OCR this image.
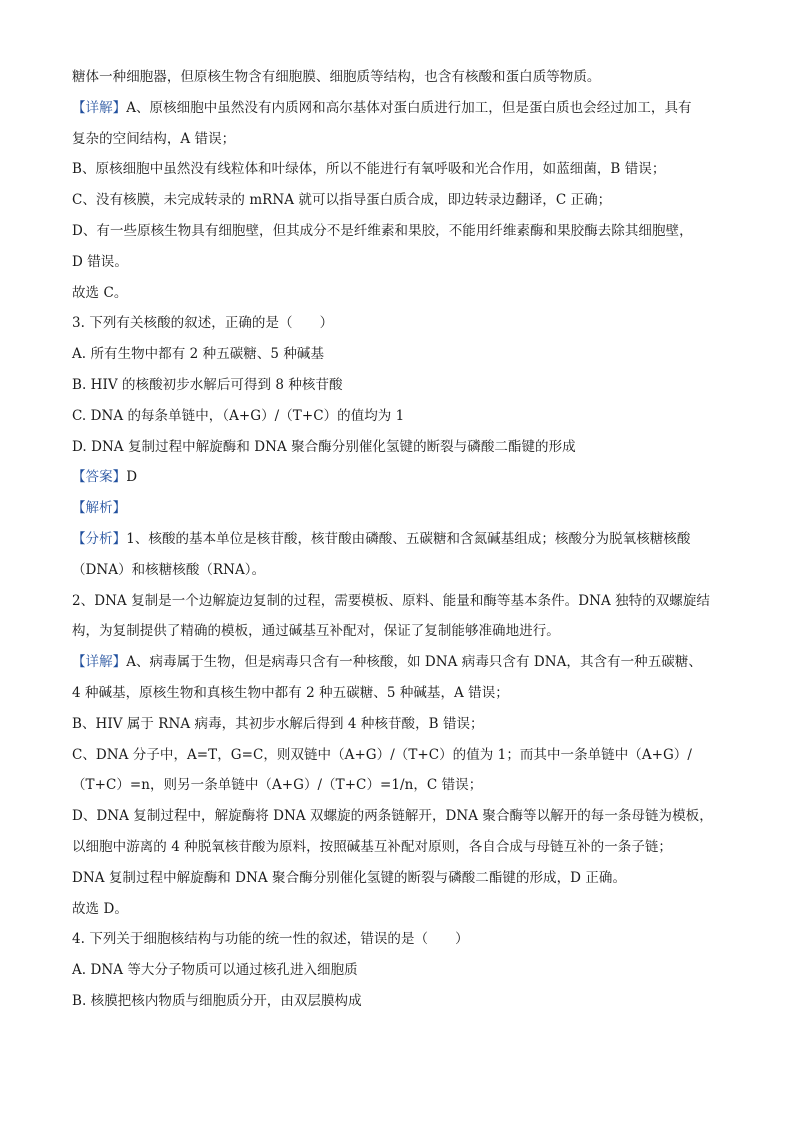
糖体一种细胞器，但原核生物含有细胞膜、细胞质等结构，也含有核酸和蛋白质等物质。
【详解】A、原核细胞中虽然没有内质网和高尔基体对蛋白质进行加工，但是蛋白质也会经过加工，具有
复杂的空间结构，A 错误；
B、原核细胞中虽然没有线粒体和叶绿体，所以不能进行有氧呼吸和光合作用，如蓝细菌，B 错误；
C、没有核膜，未完成转录的 mRNA 就可以指导蛋白质合成，即边转录边翻译，C 正确；
D、有一些原核生物具有细胞壁，但其成分不是纤维素和果胶，不能用纤维素酶和果胶酶去除其细胞壁，
D 错误。
故选 C。
3. 下列有关核酸的叙述，正确的是（　　）
A. 所有生物中都有 2 种五碳糖、5 种碱基
B. HIV 的核酸初步水解后可得到 8 种核苷酸
C. DNA 的每条单链中，（A+G）/（T+C）的值均为 1
D. DNA 复制过程中解旋酶和 DNA 聚合酶分别催化氢键的断裂与磷酸二酯键的形成
【答案】D
【解析】
【分析】1、核酸的基本单位是核苷酸，核苷酸由磷酸、五碳糖和含氮碱基组成；核酸分为脱氧核糖核酸
（DNA）和核糖核酸（RNA）。
2、DNA 复制是一个边解旋边复制的过程，需要模板、原料、能量和酶等基本条件。DNA 独特的双螺旋结
构，为复制提供了精确的模板，通过碱基互补配对，保证了复制能够准确地进行。
【详解】A、病毒属于生物，但是病毒只含有一种核酸，如 DNA 病毒只含有 DNA，其含有一种五碳糖、
4 种碱基，原核生物和真核生物中都有 2 种五碳糖、5 种碱基，A 错误；
B、HIV 属于 RNA 病毒，其初步水解后得到 4 种核苷酸，B 错误；
C、DNA 分子中，A=T，G=C，则双链中（A+G）/（T+C）的值为 1；而其中一条单链中（A+G）/
（T+C）=n，则另一条单链中（A+G）/（T+C）=1/n，C 错误；
D、DNA 复制过程中，解旋酶将 DNA 双螺旋的两条链解开，DNA 聚合酶等以解开的每一条母链为模板，
以细胞中游离的 4 种脱氧核苷酸为原料，按照碱基互补配对原则，各自合成与母链互补的一条子链；
DNA 复制过程中解旋酶和 DNA 聚合酶分别催化氢键的断裂与磷酸二酯键的形成，D 正确。
故选 D。
4. 下列关于细胞核结构与功能的统一性的叙述，错误的是（　　）
A. DNA 等大分子物质可以通过核孔进入细胞质
B. 核膜把核内物质与细胞质分开，由双层膜构成
